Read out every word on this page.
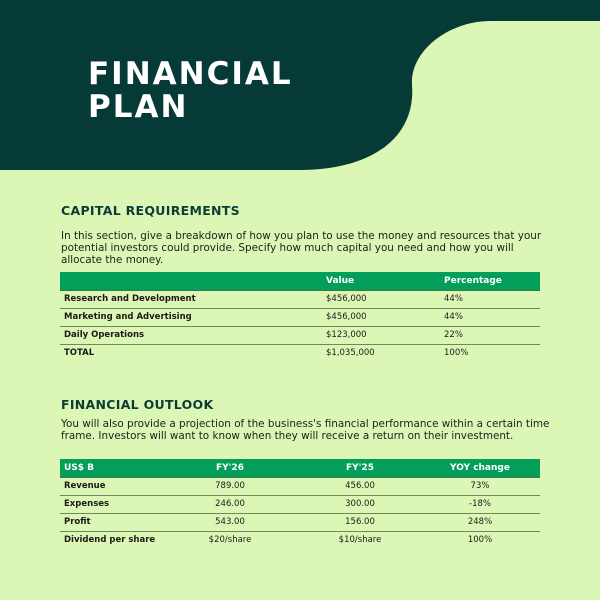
FINANCIAL
PLAN
CAPITAL REQUIREMENTS
In this section, give a breakdown of how you plan to use the money and resources that your potential investors could provide. Specify how much capital you need and how you will allocate the money.
	Value	Percentage
Research and Development	$456,000	44%
Marketing and Advertising	$456,000	44%
Daily Operations	$123,000	22%
TOTAL	$1,035,000	100%
FINANCIAL OUTLOOK
You will also provide a projection of the business's financial performance within a certain time frame. Investors will want to know when they will receive a return on their investment.
US$ B	FY'26	FY'25	YOY change
Revenue	789.00	456.00	73%
Expenses	246.00	300.00	-18%
Profit	543.00	156.00	248%
Dividend per share	$20/share	$10/share	100%
